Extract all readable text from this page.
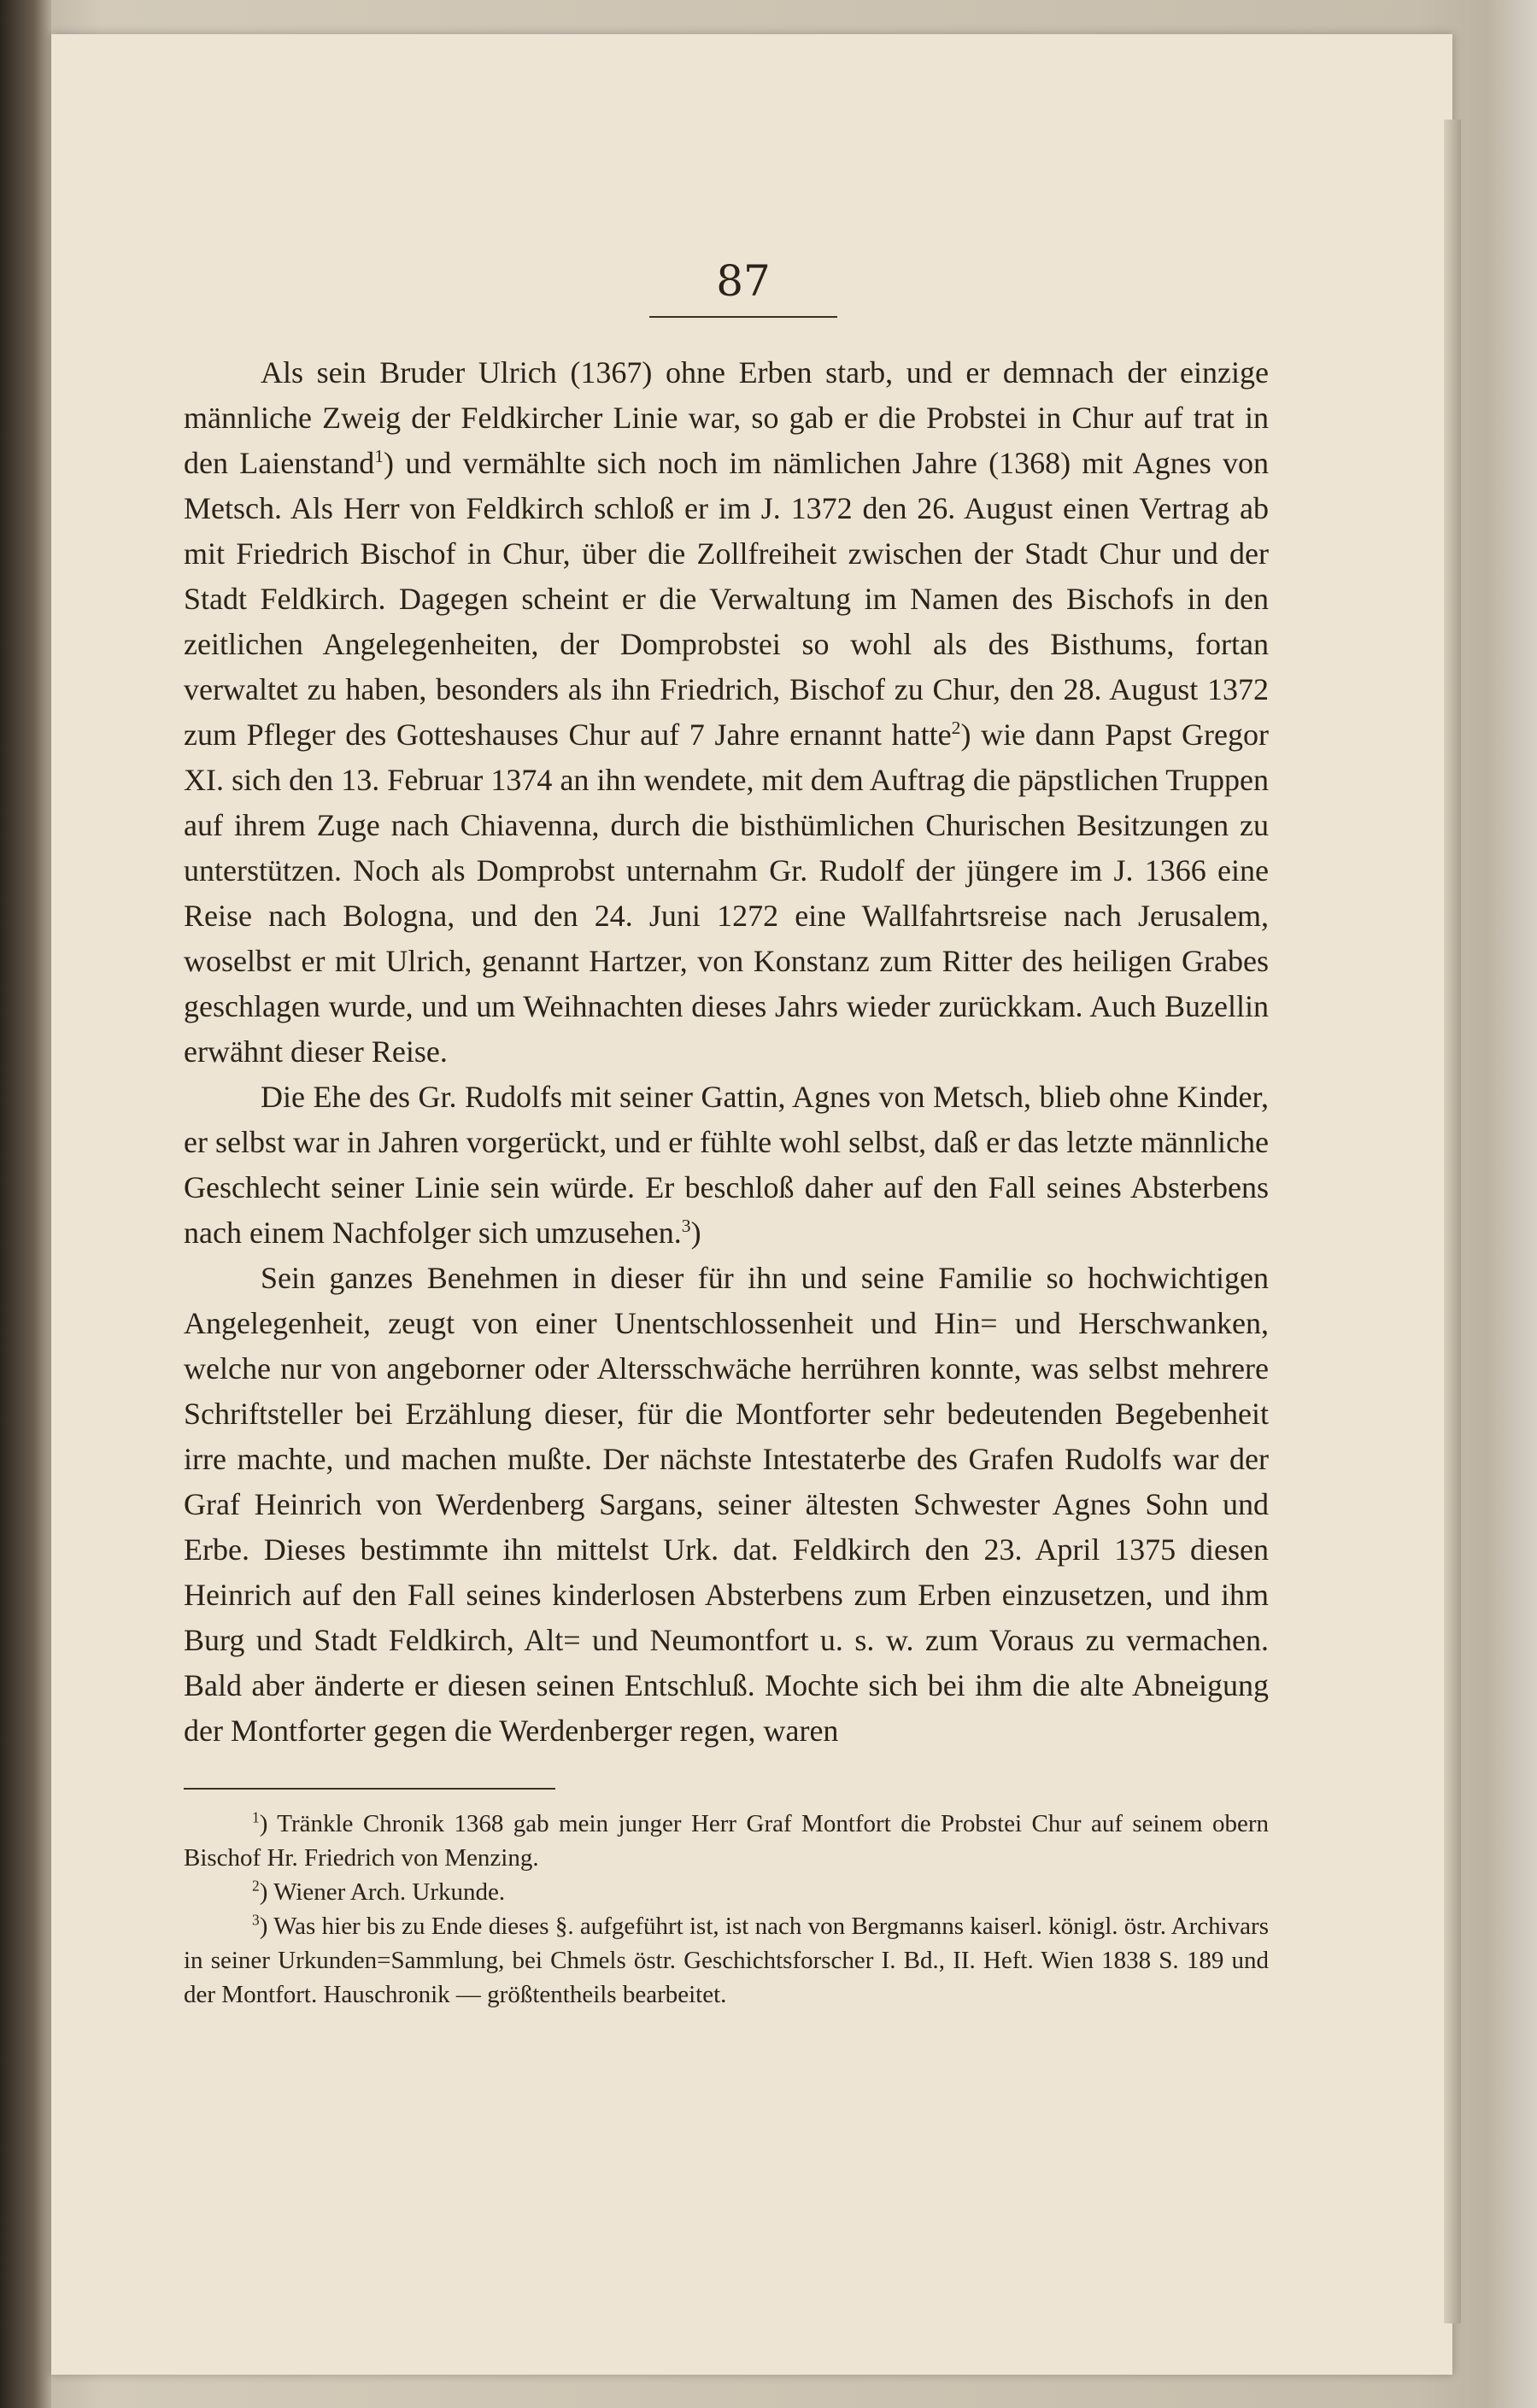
87

Als sein Bruder Ulrich (1367) ohne Erben starb, und er demnach der einzige männliche Zweig der Feldkircher Linie war, so gab er die Probstei in Chur auf trat in den Laienstand$^1$) und vermählte sich noch im nämlichen Jahre (1368) mit Agnes von Metsch. Als Herr von Feldkirch schloß er im J. 1372 den 26. August einen Vertrag ab mit Friedrich Bischof in Chur, über die Zollfreiheit zwischen der Stadt Chur und der Stadt Feldkirch. Dagegen scheint er die Verwaltung im Namen des Bischofs in den zeitlichen Angelegenheiten, der Domprobstei so wohl als des Bisthums, fortan verwaltet zu haben, besonders als ihn Friedrich, Bischof zu Chur, den 28. August 1372 zum Pfleger des Gotteshauses Chur auf 7 Jahre ernannt hatte$^2$) wie dann Papst Gregor XI. sich den 13. Februar 1374 an ihn wendete, mit dem Auftrag die päpstlichen Truppen auf ihrem Zuge nach Chiavenna, durch die bisthümlichen Churischen Besitzungen zu unterstützen. Noch als Domprobst unternahm Gr. Rudolf der jüngere im J. 1366 eine Reise nach Bologna, und den 24. Juni 1272 eine Wallfahrtsreise nach Jerusalem, woselbst er mit Ulrich, genannt Hartzer, von Konstanz zum Ritter des heiligen Grabes geschlagen wurde, und um Weihnachten dieses Jahrs wieder zurückkam. Auch Buzellin erwähnt dieser Reise.

Die Ehe des Gr. Rudolfs mit seiner Gattin, Agnes von Metsch, blieb ohne Kinder, er selbst war in Jahren vorgerückt, und er fühlte wohl selbst, daß er das letzte männliche Geschlecht seiner Linie sein würde. Er beschloß daher auf den Fall seines Absterbens nach einem Nachfolger sich umzusehen.$^3$)

Sein ganzes Benehmen in dieser für ihn und seine Familie so hochwichtigen Angelegenheit, zeugt von einer Unentschlossenheit und Hin= und Herschwanken, welche nur von angeborner oder Altersschwäche herrühren konnte, was selbst mehrere Schriftsteller bei Erzählung dieser, für die Montforter sehr bedeutenden Begebenheit irre machte, und machen mußte. Der nächste Intestaterbe des Grafen Rudolfs war der Graf Heinrich von Werdenberg Sargans, seiner ältesten Schwester Agnes Sohn und Erbe. Dieses bestimmte ihn mittelst Urk. dat. Feldkirch den 23. April 1375 diesen Heinrich auf den Fall seines kinderlosen Absterbens zum Erben einzusetzen, und ihm Burg und Stadt Feldkirch, Alt= und Neumontfort u. s. w. zum Voraus zu vermachen. Bald aber änderte er diesen seinen Entschluß. Mochte sich bei ihm die alte Abneigung der Montforter gegen die Werdenberger regen, waren

$^1$) Tränkle Chronik 1368 gab mein junger Herr Graf Montfort die Probstei Chur auf seinem obern Bischof Hr. Friedrich von Menzing.

$^2$) Wiener Arch. Urkunde.

$^3$) Was hier bis zu Ende dieses §. aufgeführt ist, ist nach von Bergmanns kaiserl. königl. östr. Archivars in seiner Urkunden=Sammlung, bei Chmels östr. Geschichtsforscher I. Bd., II. Heft. Wien 1838 S. 189 und der Montfort. Hauschronik — größtentheils bearbeitet.
